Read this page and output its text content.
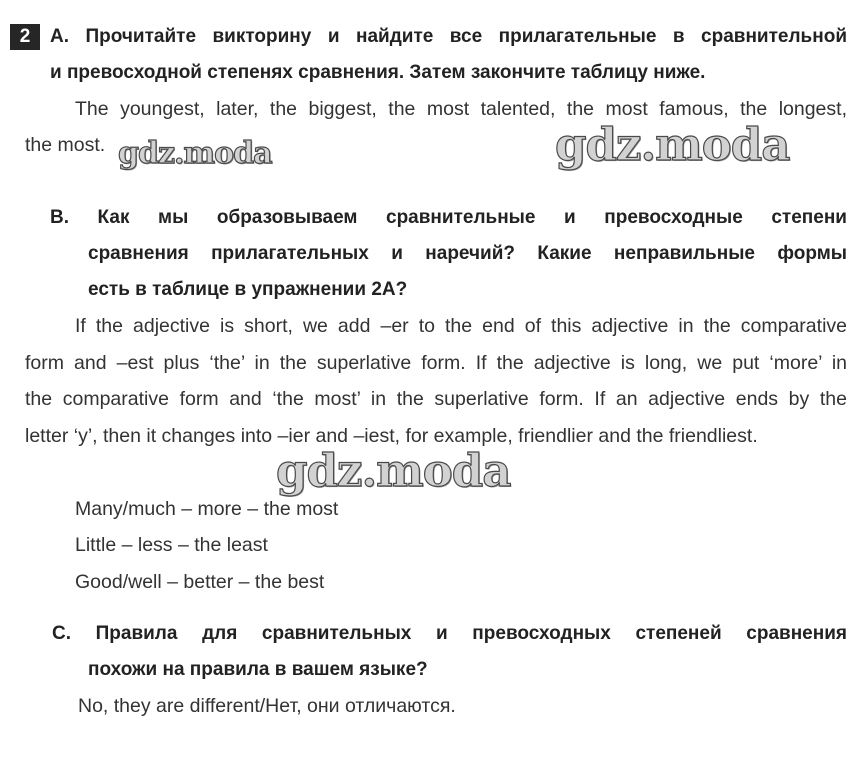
2	A. Прочитайте викторину и найдите все прилагательные в сравнительной

и превосходной степенях сравнения. Затем закончите таблицу ниже.

The youngest, later, the biggest, the most talented, the most famous, the longest,

the most. gdz.moda	gdz.moda

B. Как мы образовываем сравнительные и превосходные степени

сравнения прилагательных и наречий? Какие неправильные формы

есть в таблице в упражнении 2A?

If the adjective is short, we add –er to the end of this adjective in the comparative

form and –est plus ‘the’ in the superlative form. If the adjective is long, we put ‘more’ in

the comparative form and ‘the most’ in the superlative form. If an adjective ends by the

letter ‘y’, then it changes into –ier and –iest, for example, friendlier and the friendliest.

gdz.moda

Many/much – more – the most

Little – less – the least

Good/well – better – the best

C. Правила для сравнительных и превосходных степеней сравнения

похожи на правила в вашем языке?

No, they are different/Нет, они отличаются.
